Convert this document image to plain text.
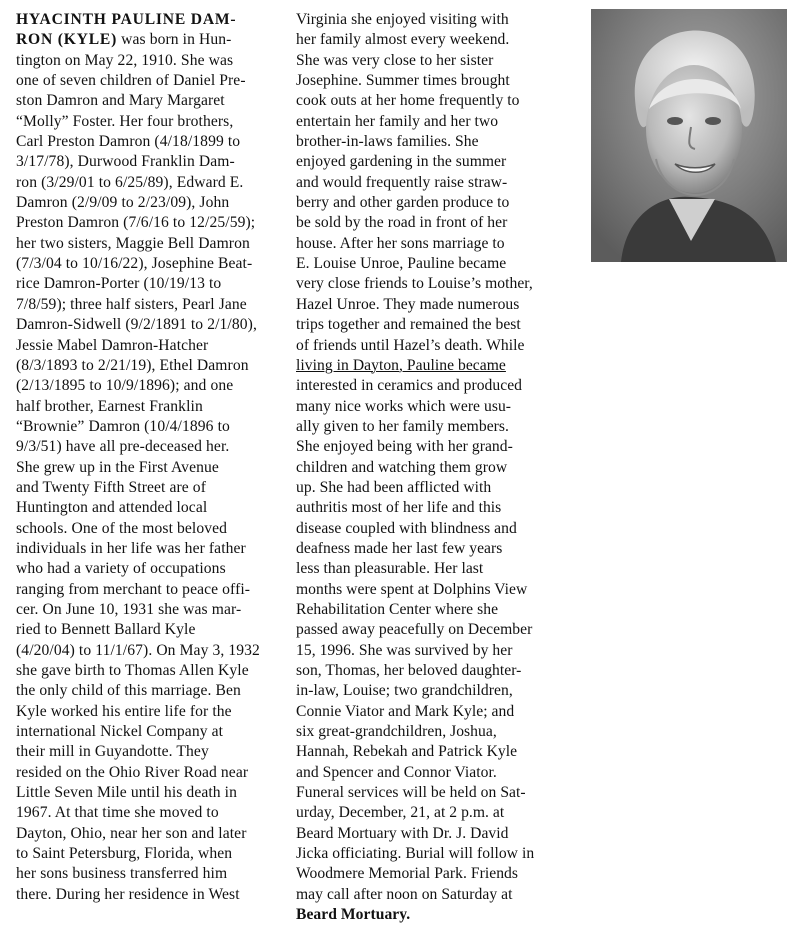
HYACINTH PAULINE DAM-
RON (KYLE) was born in Hun-
tington on May 22, 1910. She was
one of seven children of Daniel Pre-
ston Damron and Mary Margaret
“Molly” Foster. Her four brothers,
Carl Preston Damron (4/18/1899 to
3/17/78), Durwood Franklin Dam-
ron (3/29/01 to 6/25/89), Edward E.
Damron (2/9/09 to 2/23/09), John
Preston Damron (7/6/16 to 12/25/59);
her two sisters, Maggie Bell Damron
(7/3/04 to 10/16/22), Josephine Beat-
rice Damron-Porter (10/19/13 to
7/8/59); three half sisters, Pearl Jane
Damron-Sidwell (9/2/1891 to 2/1/80),
Jessie Mabel Damron-Hatcher
(8/3/1893 to 2/21/19), Ethel Damron
(2/13/1895 to 10/9/1896); and one
half brother, Earnest Franklin
“Brownie” Damron (10/4/1896 to
9/3/51) have all pre-deceased her.
She grew up in the First Avenue
and Twenty Fifth Street are of
Huntington and attended local
schools. One of the most beloved
individuals in her life was her father
who had a variety of occupations
ranging from merchant to peace offi-
cer. On June 10, 1931 she was mar-
ried to Bennett Ballard Kyle
(4/20/04) to 11/1/67). On May 3, 1932
she gave birth to Thomas Allen Kyle
the only child of this marriage. Ben
Kyle worked his entire life for the
international Nickel Company at
their mill in Guyandotte. They
resided on the Ohio River Road near
Little Seven Mile until his death in
1967. At that time she moved to
Dayton, Ohio, near her son and later
to Saint Petersburg, Florida, when
her sons business transferred him
there. During her residence in West
Virginia she enjoyed visiting with
her family almost every weekend.
She was very close to her sister
Josephine. Summer times brought
cook outs at her home frequently to
entertain her family and her two
brother-in-laws families. She
enjoyed gardening in the summer
and would frequently raise straw-
berry and other garden produce to
be sold by the road in front of her
house. After her sons marriage to
E. Louise Unroe, Pauline became
very close friends to Louise’s mother,
Hazel Unroe. They made numerous
trips together and remained the best
of friends until Hazel’s death. While
living in Dayton, Pauline became
interested in ceramics and produced
many nice works which were usu-
ally given to her family members.
She enjoyed being with her grand-
children and watching them grow
up. She had been afflicted with
authritis most of her life and this
disease coupled with blindness and
deafness made her last few years
less than pleasurable. Her last
months were spent at Dolphins View
Rehabilitation Center where she
passed away peacefully on December
15, 1996. She was survived by her
son, Thomas, her beloved daughter-
in-law, Louise; two grandchildren,
Connie Viator and Mark Kyle; and
six great-grandchildren, Joshua,
Hannah, Rebekah and Patrick Kyle
and Spencer and Connor Viator.
Funeral services will be held on Sat-
urday, December, 21, at 2 p.m. at
Beard Mortuary with Dr. J. David
Jicka officiating. Burial will follow in
Woodmere Memorial Park. Friends
may call after noon on Saturday at
Beard Mortuary.
